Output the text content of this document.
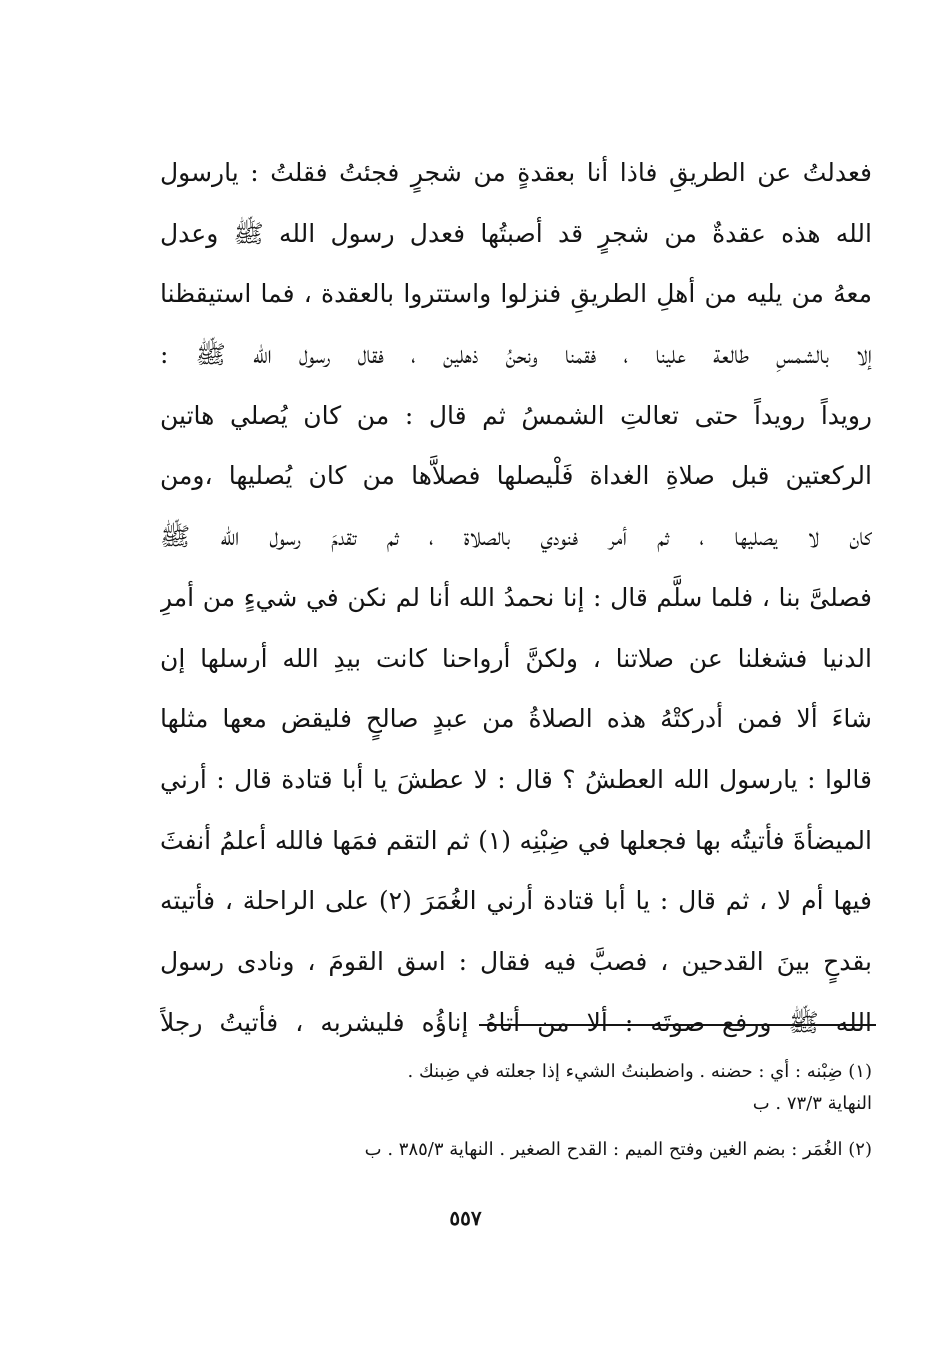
فعدلتُ عن الطريقِ فاذا أنا بعقدةٍ من شجرٍ فجئتُ فقلتُ : يارسول
الله هذه عقدةٌ من شجرٍ قد أصبتُها فعدل رسول الله ﷺ وعدل
معهُ من يليه من أهلِ الطريقِ فنزلوا واستتروا بالعقدة ، فما استيقظنا
إلا بالشمسِ طالعة علينا ، فقمنا ونحنُ ذهلين ، فقال رسول الله ﷺ :
رويداً رويداً حتى تعالتِ الشمسُ ثم قال : من كان يُصلي هاتين
الركعتين قبل صلاةِ الغداة فَلْيصلها فصلاَّها من كان يُصليها ،ومن
كان لا يصليها ، ثم أمر فنودي بالصلاة ، ثم تقدمَ رسول الله ﷺ
فصلىَّ بنا ، فلما سلَّم قال : إنا نحمدُ الله أنا لم نكن في شيءٍ من أمرِ
الدنيا فشغلنا عن صلاتنا ، ولكنَّ أرواحنا كانت بيدِ الله أرسلها إن
شاءَ ألا فمن أدركتْهُ هذه الصلاةُ من عبدٍ صالحٍ فليقض معها مثلها
قالوا : يارسول الله العطشُ ؟ قال : لا عطشَ يا أبا قتادة قال : أرني
الميضأةَ فأتيتُه بها فجعلها في ضِبْنِه (١) ثم التقم فمَها فالله أعلمُ أنفثَ
فيها أم لا ، ثم قال : يا أبا قتادة أرني الغُمَرَ (٢) على الراحلة ، فأتيته
بقدحٍ بينَ القدحين ، فصبَّ فيه فقال : اسق القومَ ، ونادى رسول
الله ﷺ ورفع صوتَه : ألا من أتاهُ إناؤُه فليشربه ، فأتيتُ رجلاً
(١) ضِبْنه : أي : حضنه . واضطبنتُ الشيء إذا جعلته في ضِبنك .
النهاية ٧٣/٣ . ب
(٢) الغُمَر : بضم الغين وفتح الميم : القدح الصغير . النهاية ٣٨٥/٣ . ب
٥٥٧
